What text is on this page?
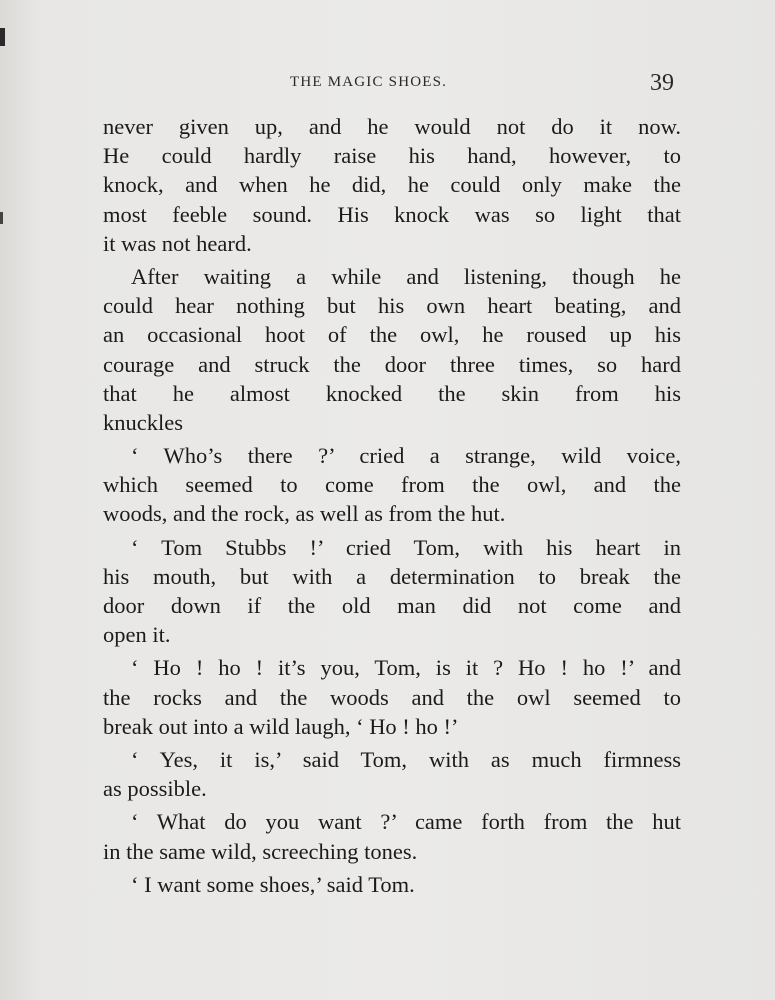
THE MAGIC SHOES.	39
never given up, and he would not do it now.
He could hardly raise his hand, however, to
knock, and when he did, he could only make the
most feeble sound. His knock was so light that
it was not heard.
After waiting a while and listening, though he
could hear nothing but his own heart beating, and
an occasional hoot of the owl, he roused up his
courage and struck the door three times, so hard
that he almost knocked the skin from his
knuckles
‘ Who’s there ?’ cried a strange, wild voice,
which seemed to come from the owl, and the
woods, and the rock, as well as from the hut.
‘ Tom Stubbs !’ cried Tom, with his heart in
his mouth, but with a determination to break the
door down if the old man did not come and
open it.
‘ Ho ! ho ! it’s you, Tom, is it ? Ho ! ho !’ and
the rocks and the woods and the owl seemed to
break out into a wild laugh, ‘ Ho ! ho !’
‘ Yes, it is,’ said Tom, with as much firmness
as possible.
‘ What do you want ?’ came forth from the hut
in the same wild, screeching tones.
‘ I want some shoes,’ said Tom.
